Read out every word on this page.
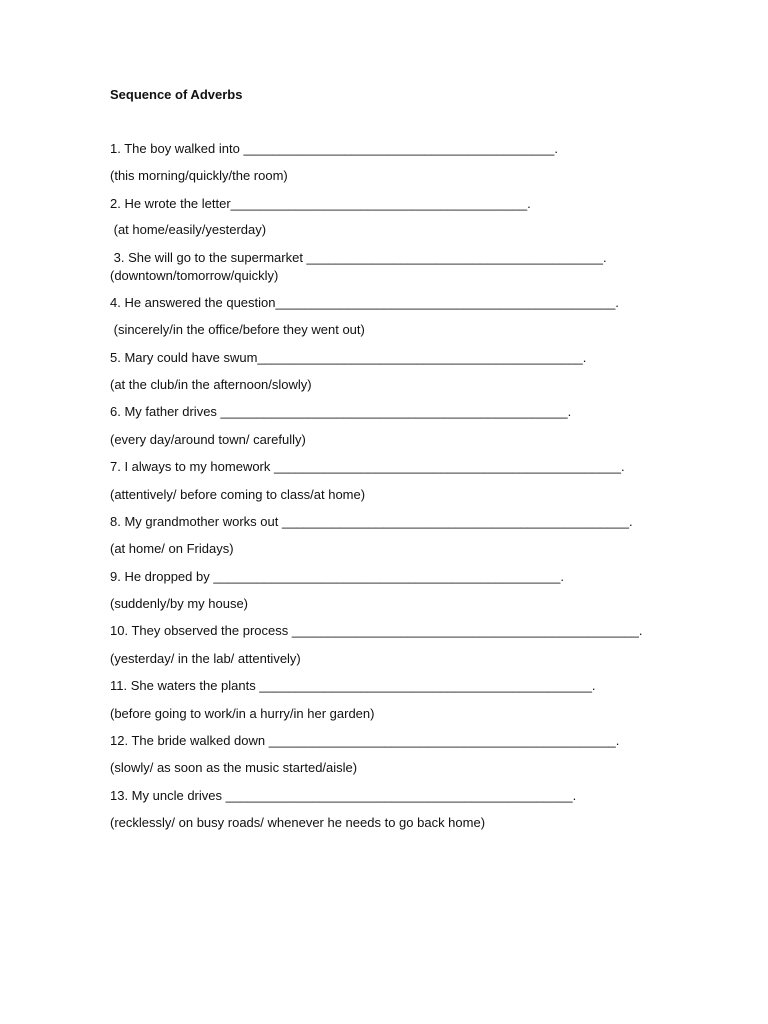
Sequence of Adverbs
1. The boy walked into ___________________________________________.
(this morning/quickly/the room)
2. He wrote the letter_________________________________________.
(at home/easily/yesterday)
3. She will go to the supermarket _________________________________________.
(downtown/tomorrow/quickly)
4. He answered the question_______________________________________________.
(sincerely/in the office/before they went out)
5. Mary could have swum_____________________________________________.
(at the club/in the afternoon/slowly)
6. My father drives ________________________________________________.
(every day/around town/ carefully)
7. I always to my homework ________________________________________________.
(attentively/ before coming to class/at home)
8. My grandmother works out ________________________________________________.
(at home/ on Fridays)
9. He dropped by ________________________________________________.
(suddenly/by my house)
10. They observed the process ________________________________________________.
(yesterday/ in the lab/ attentively)
11. She waters the plants ______________________________________________.
(before going to work/in a hurry/in her garden)
12. The bride walked down ________________________________________________.
(slowly/ as soon as the music started/aisle)
13. My uncle drives ________________________________________________.
(recklessly/ on busy roads/ whenever he needs to go back home)
